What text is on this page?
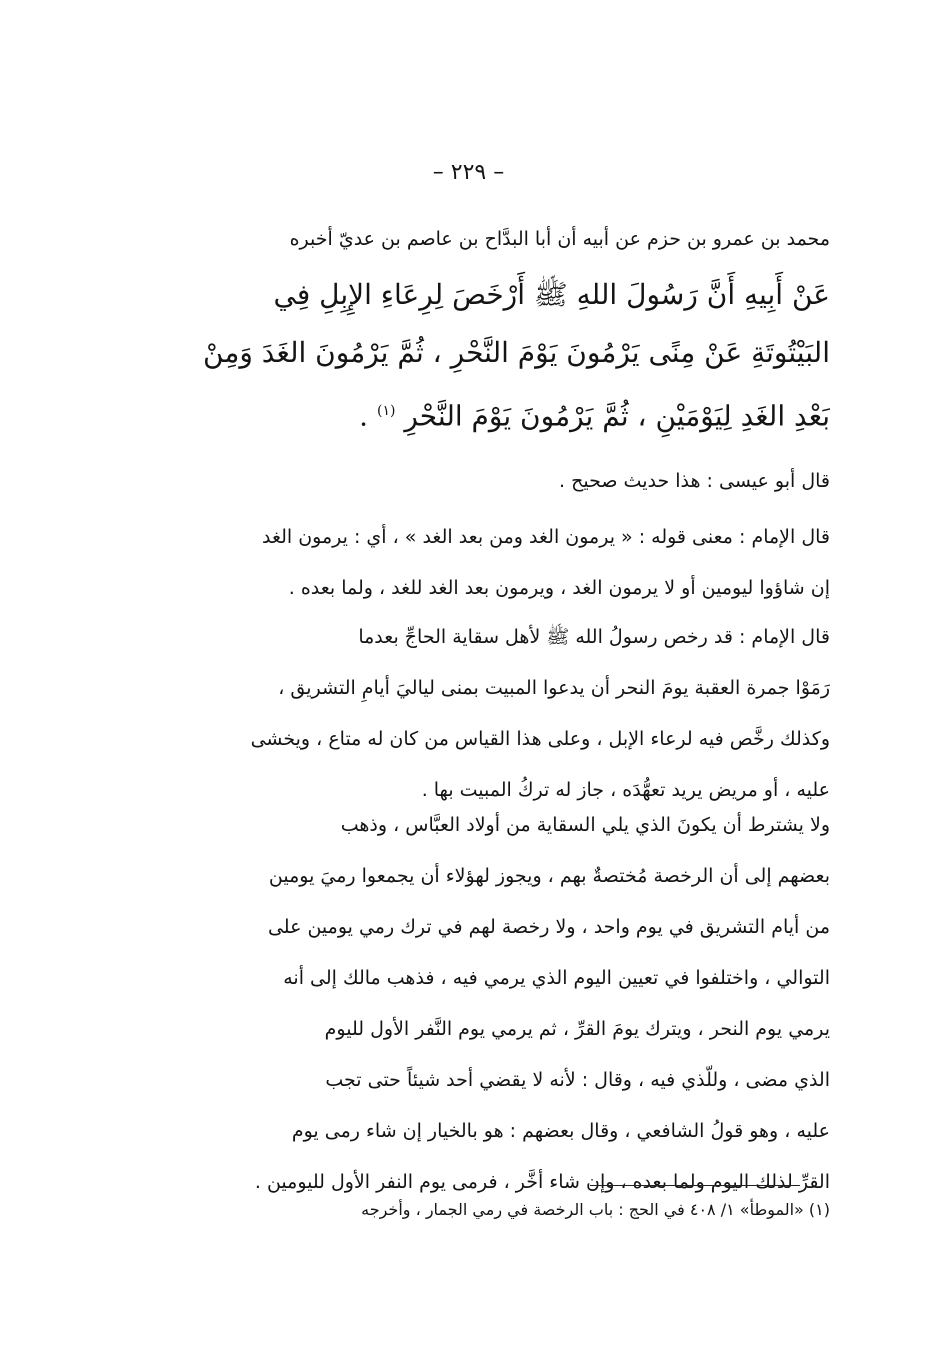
– ٢٢٩ –
محمد بن عمرو بن حزم عن أبيه أن أبا البدَّاح بن عاصم بن عديّ أخبره
عَنْ أَبِيهِ أَنَّ رَسُولَ اللهِ ﷺ أَرْخَصَ لِرِعَاءِ الإِبِلِ فِي
البَيْتُوتَةِ عَنْ مِنًى يَرْمُونَ يَوْمَ النَّحْرِ ، ثُمَّ يَرْمُونَ الغَدَ وَمِنْ
بَعْدِ الغَدِ لِيَوْمَيْنِ ، ثُمَّ يَرْمُونَ يَوْمَ النَّحْرِ $^{(١)}$ .
قال أبو عيسى : هذا حديث صحيح .
قال الإمام : معنى قوله : « يرمون الغد ومن بعد الغد » ، أي : يرمون الغد
إن شاؤوا ليومين أو لا يرمون الغد ، ويرمون بعد الغد للغد ، ولما بعده .
قال الإمام : قد رخص رسولُ الله ﷺ لأهل سقاية الحاجِّ بعدما
رَمَوْا جمرة العقبة يومَ النحر أن يدعوا المبيت بمنى لياليَ أيامِ التشريق ،
وكذلك رخَّص فيه لرعاء الإبل ، وعلى هذا القياس من كان له متاع ، ويخشى
عليه ، أو مريض يريد تعهُّدَه ، جاز له تركُ المبيت بها .
ولا يشترط أن يكونَ الذي يلي السقاية من أولاد العبَّاس ، وذهب
بعضهم إلى أن الرخصة مُختصةٌ بهم ، ويجوز لهؤلاء أن يجمعوا رميَ يومين
من أيام التشريق في يوم واحد ، ولا رخصة لهم في ترك رمي يومين على
التوالي ، واختلفوا في تعيين اليوم الذي يرمي فيه ، فذهب مالك إلى أنه
يرمي يوم النحر ، ويترك يومَ القرِّ ، ثم يرمي يوم النَّفر الأول لليوم
الذي مضى ، وللّذي فيه ، وقال : لأنه لا يقضي أحد شيئاً حتى تجب
عليه ، وهو قولُ الشافعي ، وقال بعضهم : هو بالخيار إن شاء رمى يوم
القرِّ لذلك اليوم ولما بعده ، وإن شاء أخَّر ، فرمى يوم النفر الأول لليومين .
(١) «الموطأ» ١/ ٤٠٨ في الحج : باب الرخصة في رمي الجمار ، وأخرجه
